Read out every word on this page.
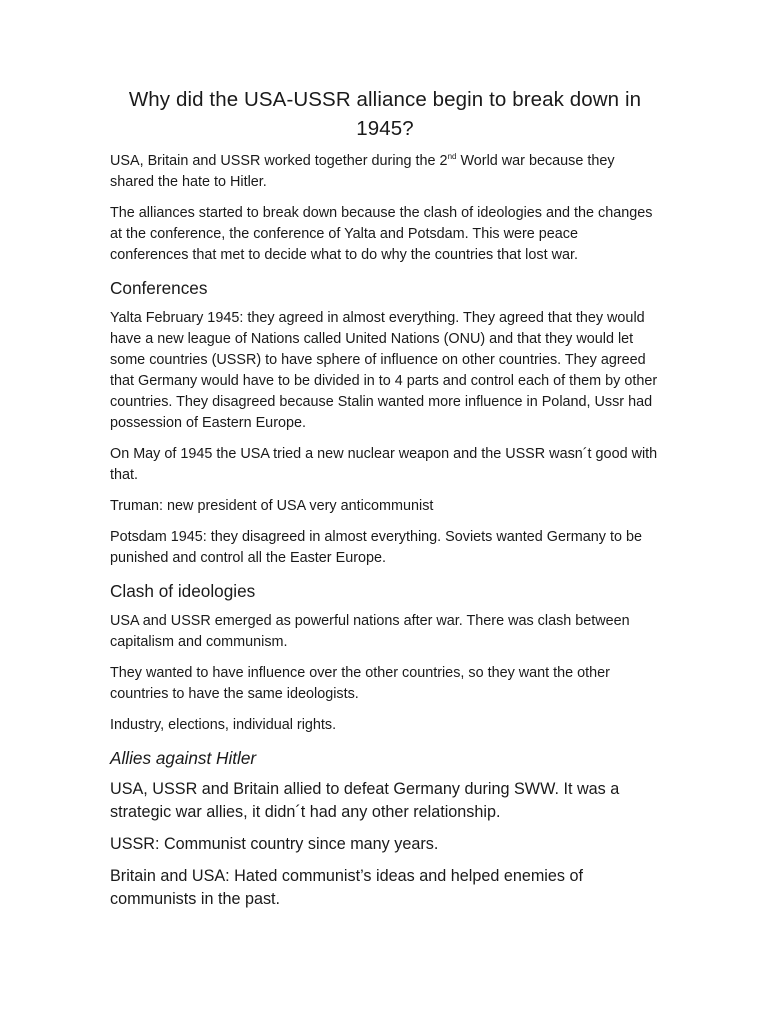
Why did the USA-USSR alliance begin to break down in 1945?

USA, Britain and USSR worked together during the 2nd World war because they shared the hate to Hitler.

The alliances started to break down because the clash of ideologies and the changes at the conference, the conference of Yalta and Potsdam. This were peace conferences that met to decide what to do why the countries that lost war.

Conferences

Yalta February 1945: they agreed in almost everything. They agreed that they would have a new league of Nations called United Nations (ONU) and that they would let some countries (USSR) to have sphere of influence on other countries. They agreed that Germany would have to be divided in to 4 parts and control each of them by other countries. They disagreed because Stalin wanted more influence in Poland, Ussr had possession of Eastern Europe.

On May of 1945 the USA tried a new nuclear weapon and the USSR wasn´t good with that.

Truman: new president of USA very anticommunist

Potsdam 1945: they disagreed in almost everything. Soviets wanted Germany to be punished and control all the Easter Europe.

Clash of ideologies

USA and USSR emerged as powerful nations after war. There was clash between capitalism and communism.

They wanted to have influence over the other countries, so they want the other countries to have the same ideologists.

Industry, elections, individual rights.

Allies against Hitler

USA, USSR and Britain allied to defeat Germany during SWW. It was a strategic war allies, it didn´t had any other relationship.

USSR: Communist country since many years.

Britain and USA: Hated communist’s ideas and helped enemies of communists in the past.
